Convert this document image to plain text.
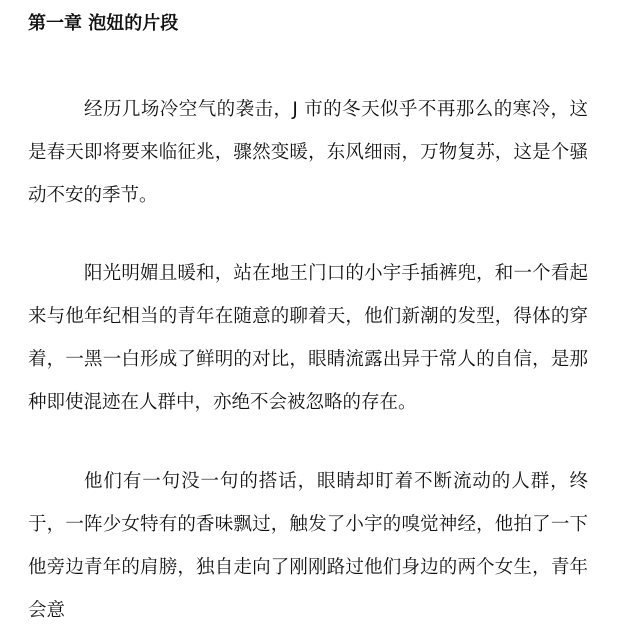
第一章 泡妞的片段

经历几场冷空气的袭击，J 市的冬天似乎不再那么的寒冷，这是春天即将要来临征兆，骤然变暖，东风细雨，万物复苏，这是个骚动不安的季节。

阳光明媚且暖和，站在地王门口的小宇手插裤兜，和一个看起来与他年纪相当的青年在随意的聊着天，他们新潮的发型，得体的穿着，一黑一白形成了鲜明的对比，眼睛流露出异于常人的自信，是那种即使混迹在人群中，亦绝不会被忽略的存在。

他们有一句没一句的搭话，眼睛却盯着不断流动的人群，终于，一阵少女特有的香味飘过，触发了小宇的嗅觉神经，他拍了一下他旁边青年的肩膀，独自走向了刚刚路过他们身边的两个女生，青年会意
